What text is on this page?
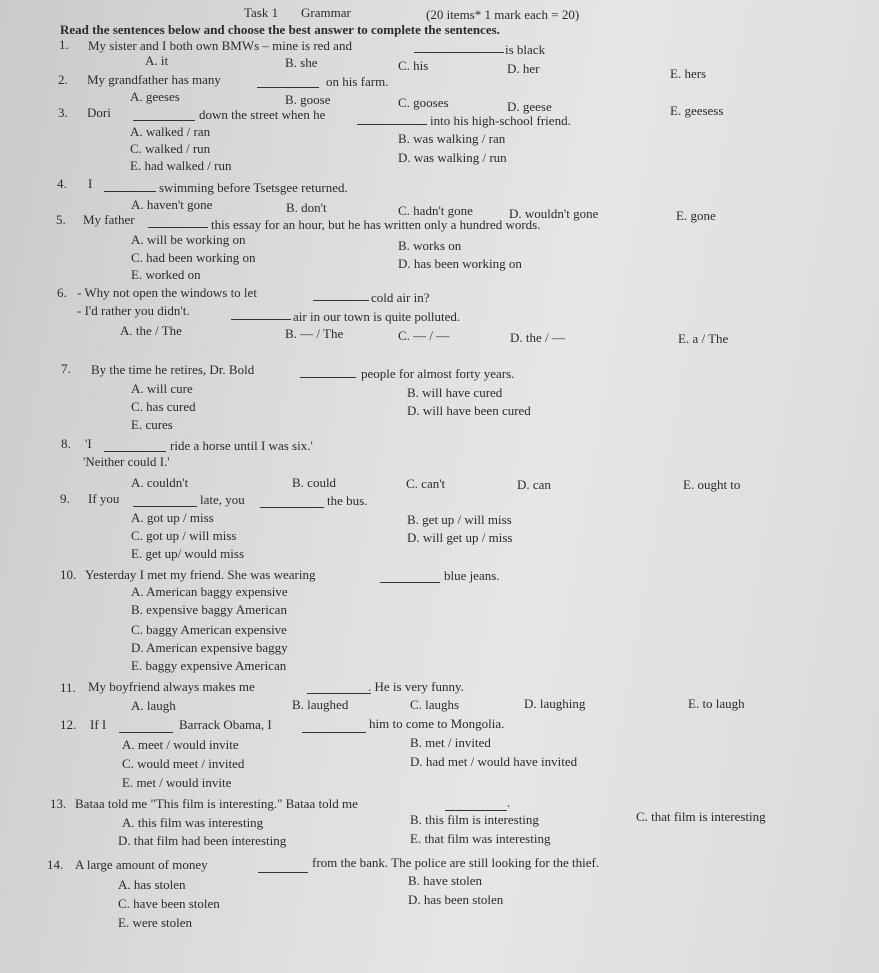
Task 1 Grammar	(20 items* 1 mark each = 20)
Read the sentences below and choose the best answer to complete the sentences.
1. My sister and I both own BMWs – mine is red and	is black
A. it	B. she	C. his	D. her	E. hers
2. My grandfather has many	on his farm.
A. geeses	B. goose	C. gooses	D. geese	E. geesess
3. Dori	down the street when he	into his high-school friend.
A. walked / ran	B. was walking / ran
C. walked / run
D. was walking / run
E. had walked / run
4. I	swimming before Tsetsgee returned.
A. haven't gone	B. don't	C. hadn't gone	D. wouldn't gone	E. gone
5. My father	this essay for an hour, but he has written only a hundred words.
A. will be working on	B. works on
C. had been working on	D. has been working on
E. worked on
6. - Why not open the windows to let	cold air in?
- I'd rather you didn't.	air in our town is quite polluted.
A. the / The	B. — / The	C. — / —	D. the / —	E. a / The
7. By the time he retires, Dr. Bold	people for almost forty years.
A. will cure	B. will have cured
C. has cured	D. will have been cured
E. cures
8. 'I	ride a horse until I was six.'
'Neither could I.'
A. couldn't	B. could	C. can't	D. can	E. ought to
9. If you	late, you	the bus.
A. got up / miss	B. get up / will miss
C. got up / will miss	D. will get up / miss
E. get up/ would miss
10. Yesterday I met my friend. She was wearing	blue jeans.
A. American baggy expensive
B. expensive baggy American
C. baggy American expensive
D. American expensive baggy
E. baggy expensive American
11. My boyfriend always makes me	. He is very funny.
A. laugh	B. laughed	C. laughs	D. laughing	E. to laugh
12. If I	Barrack Obama, I	him to come to Mongolia.
A. meet / would invite	B. met / invited
C. would meet / invited	D. had met / would have invited
E. met / would invite
13. Bataa told me "This film is interesting." Bataa told me	.
A. this film was interesting	B. this film is interesting	C. that film is interesting
D. that film had been interesting	E. that film was interesting
14. A large amount of money	from the bank. The police are still looking for the thief.
A. has stolen	B. have stolen
C. have been stolen	D. has been stolen
E. were stolen
